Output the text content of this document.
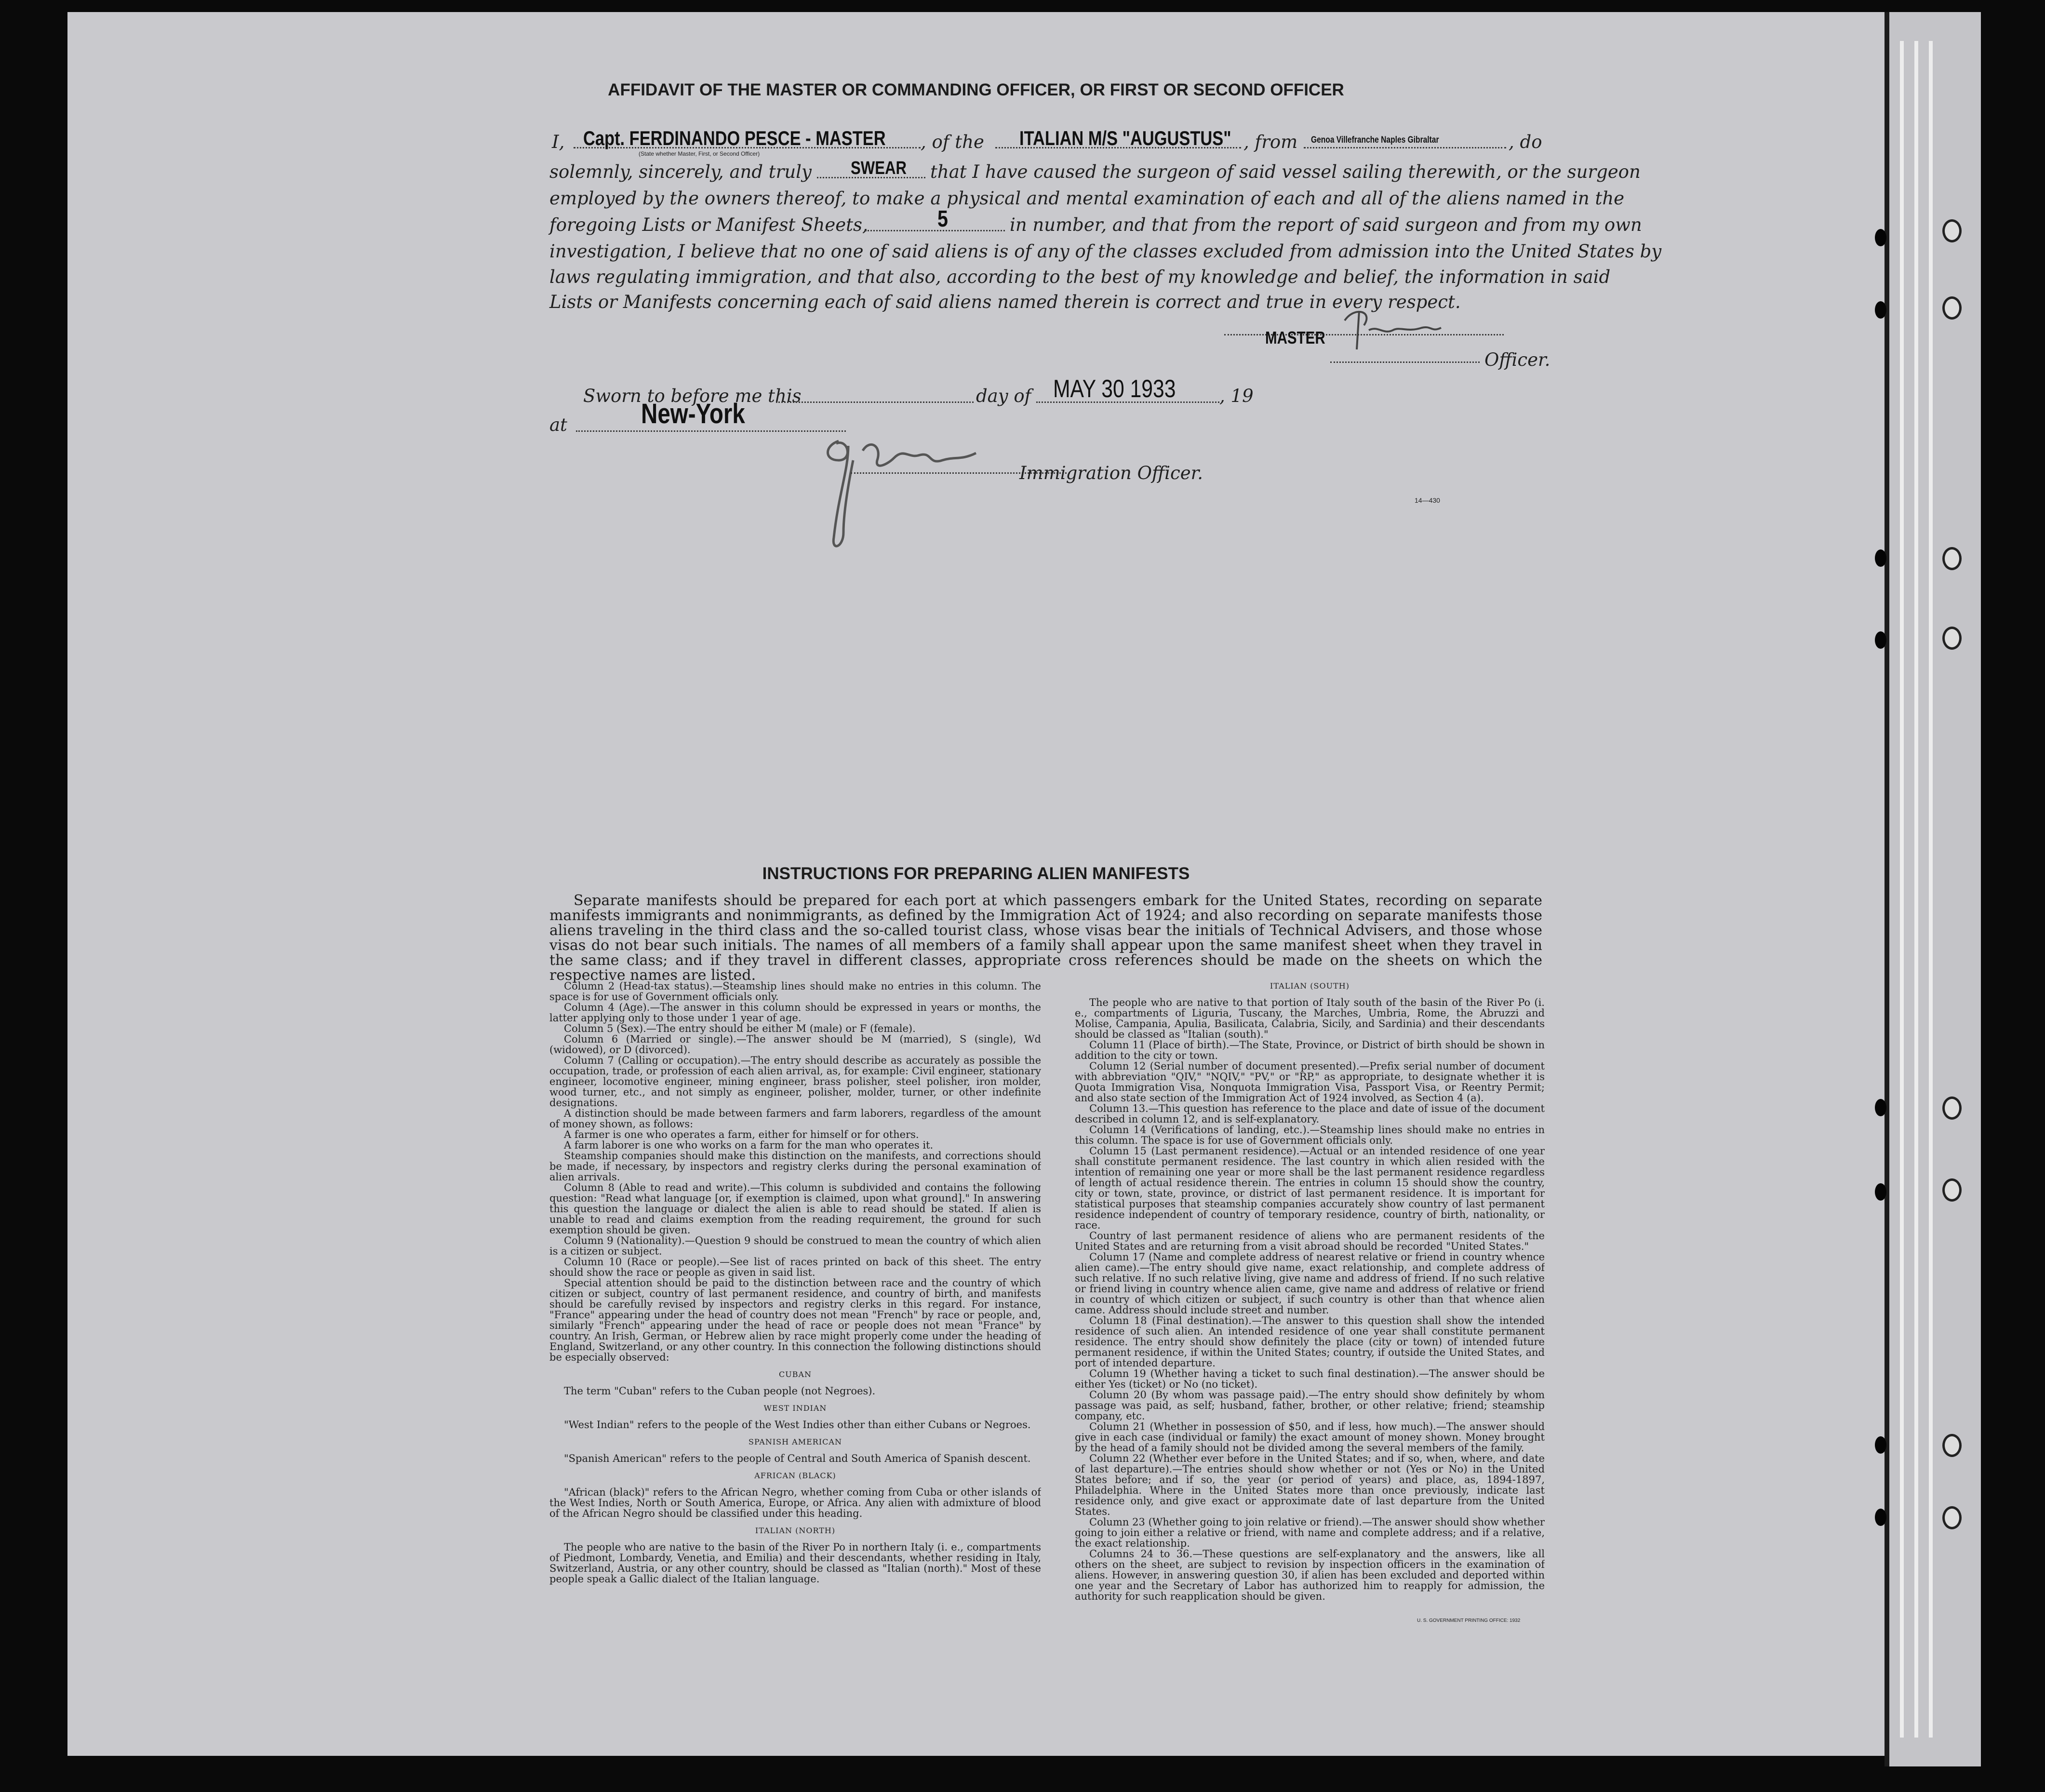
AFFIDAVIT OF THE MASTER OR COMMANDING OFFICER, OR FIRST OR SECOND OFFICER
I, Capt. FERDINANDO PESCE - MASTER
(State whether Master, First, or Second Officer)
, of the ITALIAN M/S "AUGUSTUS" , from Genoa Villefranche Naples Gibraltar	, do
solemnly, sincerely, and truly SWEAR that I have caused the surgeon of said vessel sailing therewith, or the surgeon
employed by the owners thereof, to make a physical and mental examination of each and all of the aliens named in the
foregoing Lists or Manifest Sheets,	5	in number, and that from the report of said surgeon and from my own
investigation, I believe that no one of said aliens is of any of the classes excluded from admission into the United States by
laws regulating immigration, and that also, according to the best of my knowledge and belief, the information in said
Lists or Manifests concerning each of said aliens named therein is correct and true in every respect.
MASTER
Officer.
Sworn to before me this	day of MAY 30 1933 , 19
at	New-York
Immigration Officer.
14—430
INSTRUCTIONS FOR PREPARING ALIEN MANIFESTS
Separate manifests should be prepared for each port at which passengers embark for the United States, recording on separate manifests immigrants and nonimmigrants, as defined by the Immigration Act of 1924; and also recording on separate manifests those aliens traveling in the third class and the so-called tourist class, whose visas bear the initials of Technical Advisers, and those whose visas do not bear such initials. The names of all members of a family shall appear upon the same manifest sheet when they travel in the same class; and if they travel in different classes, appropriate cross references should be made on the sheets on which the respective names are listed.

Column 2 (Head-tax status).—Steamship lines should make no entries in this column. The space is for use of Government officials only.

Column 4 (Age).—The answer in this column should be expressed in years or months, the latter applying only to those under 1 year of age.

Column 5 (Sex).—The entry should be either M (male) or F (female).

Column 6 (Married or single).—The answer should be M (married), S (single), Wd (widowed), or D (divorced).

Column 7 (Calling or occupation).—The entry should describe as accurately as possible the occupation, trade, or profession of each alien arrival, as, for example: Civil engineer, stationary engineer, locomotive engineer, mining engineer, brass polisher, steel polisher, iron molder, wood turner, etc., and not simply as engineer, polisher, molder, turner, or other indefinite designations.

A distinction should be made between farmers and farm laborers, regardless of the amount of money shown, as follows:

A farmer is one who operates a farm, either for himself or for others.

A farm laborer is one who works on a farm for the man who operates it.

Steamship companies should make this distinction on the manifests, and corrections should be made, if necessary, by inspectors and registry clerks during the personal examination of alien arrivals.

Column 8 (Able to read and write).—This column is subdivided and contains the following question: "Read what language [or, if exemption is claimed, upon what ground]." In answering this question the language or dialect the alien is able to read should be stated. If alien is unable to read and claims exemption from the reading requirement, the ground for such exemption should be given.

Column 9 (Nationality).—Question 9 should be construed to mean the country of which alien is a citizen or subject.

Column 10 (Race or people).—See list of races printed on back of this sheet. The entry should show the race or people as given in said list.

Special attention should be paid to the distinction between race and the country of which citizen or subject, country of last permanent residence, and country of birth, and manifests should be carefully revised by inspectors and registry clerks in this regard. For instance, "France" appearing under the head of country does not mean "French" by race or people, and, similarly "French" appearing under the head of race or people does not mean "France" by country. An Irish, German, or Hebrew alien by race might properly come under the heading of England, Switzerland, or any other country. In this connection the following distinctions should be especially observed:

CUBAN

The term "Cuban" refers to the Cuban people (not Negroes).

WEST INDIAN

"West Indian" refers to the people of the West Indies other than either Cubans or Negroes.

SPANISH AMERICAN

"Spanish American" refers to the people of Central and South America of Spanish descent.

AFRICAN (BLACK)

"African (black)" refers to the African Negro, whether coming from Cuba or other islands of the West Indies, North or South America, Europe, or Africa. Any alien with admixture of blood of the African Negro should be classified under this heading.

ITALIAN (NORTH)

The people who are native to the basin of the River Po in northern Italy (i. e., compartments of Piedmont, Lombardy, Venetia, and Emilia) and their descendants, whether residing in Italy, Switzerland, Austria, or any other country, should be classed as "Italian (north)." Most of these people speak a Gallic dialect of the Italian language.

ITALIAN (SOUTH)

The people who are native to that portion of Italy south of the basin of the River Po (i. e., compartments of Liguria, Tuscany, the Marches, Umbria, Rome, the Abruzzi and Molise, Campania, Apulia, Basilicata, Calabria, Sicily, and Sardinia) and their descendants should be classed as "Italian (south)."

Column 11 (Place of birth).—The State, Province, or District of birth should be shown in addition to the city or town.

Column 12 (Serial number of document presented).—Prefix serial number of document with abbreviation "QIV," "NQIV," "PV," or "RP," as appropriate, to designate whether it is Quota Immigration Visa, Nonquota Immigration Visa, Passport Visa, or Reentry Permit; and also state section of the Immigration Act of 1924 involved, as Section 4 (a).

Column 13.—This question has reference to the place and date of issue of the document described in column 12, and is self-explanatory.

Column 14 (Verifications of landing, etc.).—Steamship lines should make no entries in this column. The space is for use of Government officials only.

Column 15 (Last permanent residence).—Actual or an intended residence of one year shall constitute permanent residence. The last country in which alien resided with the intention of remaining one year or more shall be the last permanent residence regardless of length of actual residence therein. The entries in column 15 should show the country, city or town, state, province, or district of last permanent residence. It is important for statistical purposes that steamship companies accurately show country of last permanent residence independent of country of temporary residence, country of birth, nationality, or race.

Country of last permanent residence of aliens who are permanent residents of the United States and are returning from a visit abroad should be recorded "United States."

Column 17 (Name and complete address of nearest relative or friend in country whence alien came).—The entry should give name, exact relationship, and complete address of such relative. If no such relative living, give name and address of friend. If no such relative or friend living in country whence alien came, give name and address of relative or friend in country of which citizen or subject, if such country is other than that whence alien came. Address should include street and number.

Column 18 (Final destination).—The answer to this question shall show the intended residence of such alien. An intended residence of one year shall constitute permanent residence. The entry should show definitely the place (city or town) of intended future permanent residence, if within the United States; country, if outside the United States, and port of intended departure.

Column 19 (Whether having a ticket to such final destination).—The answer should be either Yes (ticket) or No (no ticket).

Column 20 (By whom was passage paid).—The entry should show definitely by whom passage was paid, as self; husband, father, brother, or other relative; friend; steamship company, etc.

Column 21 (Whether in possession of $50, and if less, how much).—The answer should give in each case (individual or family) the exact amount of money shown. Money brought by the head of a family should not be divided among the several members of the family.

Column 22 (Whether ever before in the United States; and if so, when, where, and date of last departure).—The entries should show whether or not (Yes or No) in the United States before; and if so, the year (or period of years) and place, as, 1894-1897, Philadelphia. Where in the United States more than once previously, indicate last residence only, and give exact or approximate date of last departure from the United States.

Column 23 (Whether going to join relative or friend).—The answer should show whether going to join either a relative or friend, with name and complete address; and if a relative, the exact relationship.

Columns 24 to 36.—These questions are self-explanatory and the answers, like all others on the sheet, are subject to revision by inspection officers in the examination of aliens. However, in answering question 30, if alien has been excluded and deported within one year and the Secretary of Labor has authorized him to reapply for admission, the authority for such reapplication should be given.

U. S. GOVERNMENT PRINTING OFFICE: 1932
